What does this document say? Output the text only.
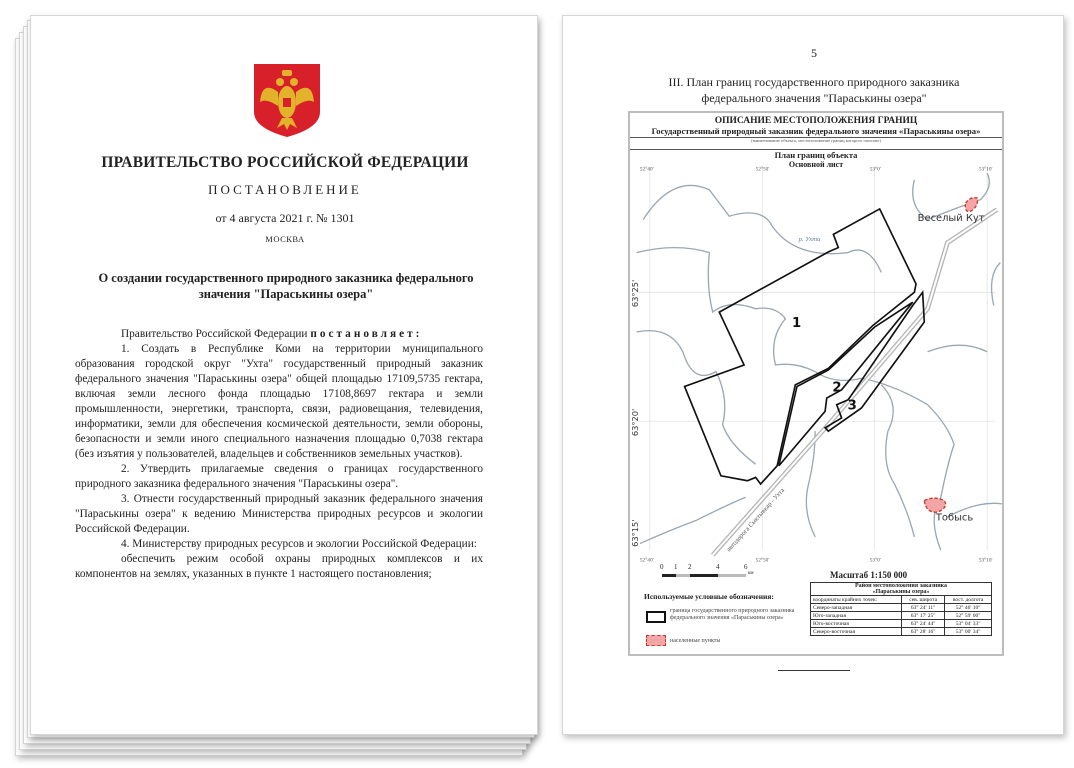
ПРАВИТЕЛЬСТВО РОССИЙСКОЙ ФЕДЕРАЦИИ
ПОСТАНОВЛЕНИЕ
от 4 августа 2021 г. № 1301
МОСКВА
О создании государственного природного заказника федерального значения "Параськины озера"

Правительство Российской Федерации постановляет:

1. Создать в Республике Коми на территории муниципального образования городской округ "Ухта" государственный природный заказник федерального значения "Параськины озера" общей площадью 17109,5735 гектара, включая земли лесного фонда площадью 17108,8697 гектара и земли промышленности, энергетики, транспорта, связи, радиовещания, телевидения, информатики, земли для обеспечения космической деятельности, земли обороны, безопасности и земли иного специального назначения площадью 0,7038 гектара (без изъятия у пользователей, владельцев и собственников земельных участков).

2. Утвердить прилагаемые сведения о границах государственного природного заказника федерального значения "Параськины озера".

3. Отнести государственный природный заказник федерального значения "Параськины озера" к ведению Министерства природных ресурсов и экологии Российской Федерации.

4. Министерству природных ресурсов и экологии Российской Федерации:

обеспечить режим особой охраны природных комплексов и их компонентов на землях, указанных в пункте 1 настоящего постановления;

5
III. План границ государственного природного заказника
федерального значения "Параськины озера"
ОПИСАНИЕ МЕСТОПОЛОЖЕНИЯ ГРАНИЦ
Государственный природный заказник федерального значения «Параськины озера»
(наименование объекта, местоположение границ которого описано)
План границ объекта
Основной лист
1
2
3
Веселый Кут
Тобысь
р. Ухта
автодорога Сыктывкар - Ухта
52°40'	52°50'	53°0'	53°10'
52°40'	52°50'	53°0'	53°10'
63°25'
63°20'
63°15'
0 1 2	4	6
км	Масштаб 1:150 000
Используемые условные обозначения:
граница государственного природного заказника федерального значения «Параськины озера»
населенные пункты
Район местоположения заказника
«Параськины озера»		

координаты крайних точек:	сев. широта	вост. долгота
Северо-западная	63° 24' 11"	52° 46' 10"
Юго-западная	63° 17' 25"	52° 59' 00"
Юго-восточная	63° 24' 44"	53° 04' 33"
Северо-восточная	63° 28' 16"	53° 00' 34"
